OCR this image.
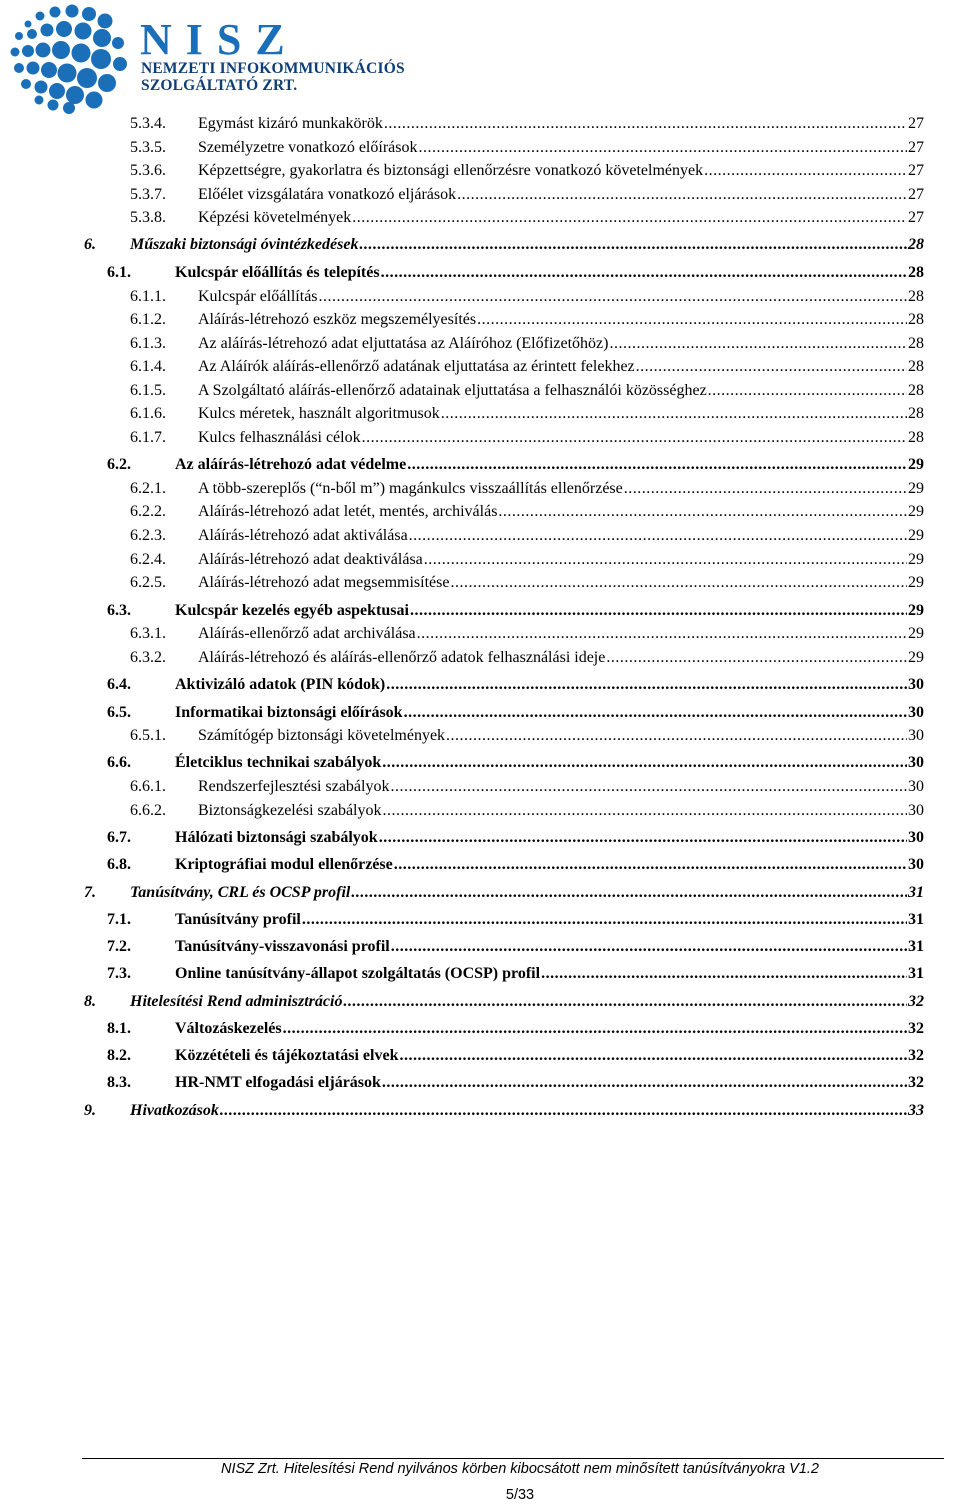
NISZ
NEMZETI INFOKOMMUNIKÁCIÓS
SZOLGÁLTATÓ ZRT.
5.3.4. Egymást kizáró munkakörök .....	27
5.3.5. Személyzetre vonatkozó előírások .....	27
5.3.6. Képzettségre, gyakorlatra és biztonsági ellenőrzésre vonatkozó követelmények .....	27
5.3.7. Előélet vizsgálatára vonatkozó eljárások .....	27
5.3.8. Képzési követelmények .....	27
6. Műszaki biztonsági óvintézkedések .....	28
6.1.	Kulcspár előállítás és telepítés .....	28
6.1.1. Kulcspár előállítás .....	28
6.1.2. Aláírás-létrehozó eszköz megszemélyesítés .....	28
6.1.3. Az aláírás-létrehozó adat eljuttatása az Aláíróhoz (Előfizetőhöz) .....	28
6.1.4. Az Aláírók aláírás-ellenőrző adatának eljuttatása az érintett felekhez .....	28
6.1.5. A Szolgáltató aláírás-ellenőrző adatainak eljuttatása a felhasználói közösséghez .....	28
6.1.6. Kulcs méretek, használt algoritmusok .....	28
6.1.7. Kulcs felhasználási célok .....	28
6.2.	Az aláírás-létrehozó adat védelme .....	29
6.2.1. A több-szereplős (“n-ből m”) magánkulcs visszaállítás ellenőrzése .....	29
6.2.2. Aláírás-létrehozó adat letét, mentés, archiválás .....	29
6.2.3. Aláírás-létrehozó adat aktiválása .....	29
6.2.4. Aláírás-létrehozó adat deaktiválása .....	29
6.2.5. Aláírás-létrehozó adat megsemmisítése .....	29
6.3.	Kulcspár kezelés egyéb aspektusai .....	29
6.3.1. Aláírás-ellenőrző adat archiválása .....	29
6.3.2. Aláírás-létrehozó és aláírás-ellenőrző adatok felhasználási ideje .....	29
6.4.	Aktivizáló adatok (PIN kódok) .....	30
6.5.	Informatikai biztonsági előírások .....	30
6.5.1. Számítógép biztonsági követelmények .....	30
6.6.	Életciklus technikai szabályok .....	30
6.6.1. Rendszerfejlesztési szabályok .....	30
6.6.2. Biztonságkezelési szabályok .....	30
6.7.	Hálózati biztonsági szabályok .....	30
6.8.	Kriptográfiai modul ellenőrzése .....	30
7. Tanúsítvány, CRL és OCSP profil .....	31
7.1.	Tanúsítvány profil .....	31
7.2.	Tanúsítvány-visszavonási profil .....	31
7.3.	Online tanúsítvány-állapot szolgáltatás (OCSP) profil .....	31
8. Hitelesítési Rend adminisztráció .....	32
8.1.	Változáskezelés .....	32
8.2.	Közzétételi és tájékoztatási elvek .....	32
8.3.	HR-NMT elfogadási eljárások .....	32
9. Hivatkozások .....	33
NISZ Zrt. Hitelesítési Rend nyilvános körben kibocsátott nem minősített tanúsítványokra V1.2
5/33
